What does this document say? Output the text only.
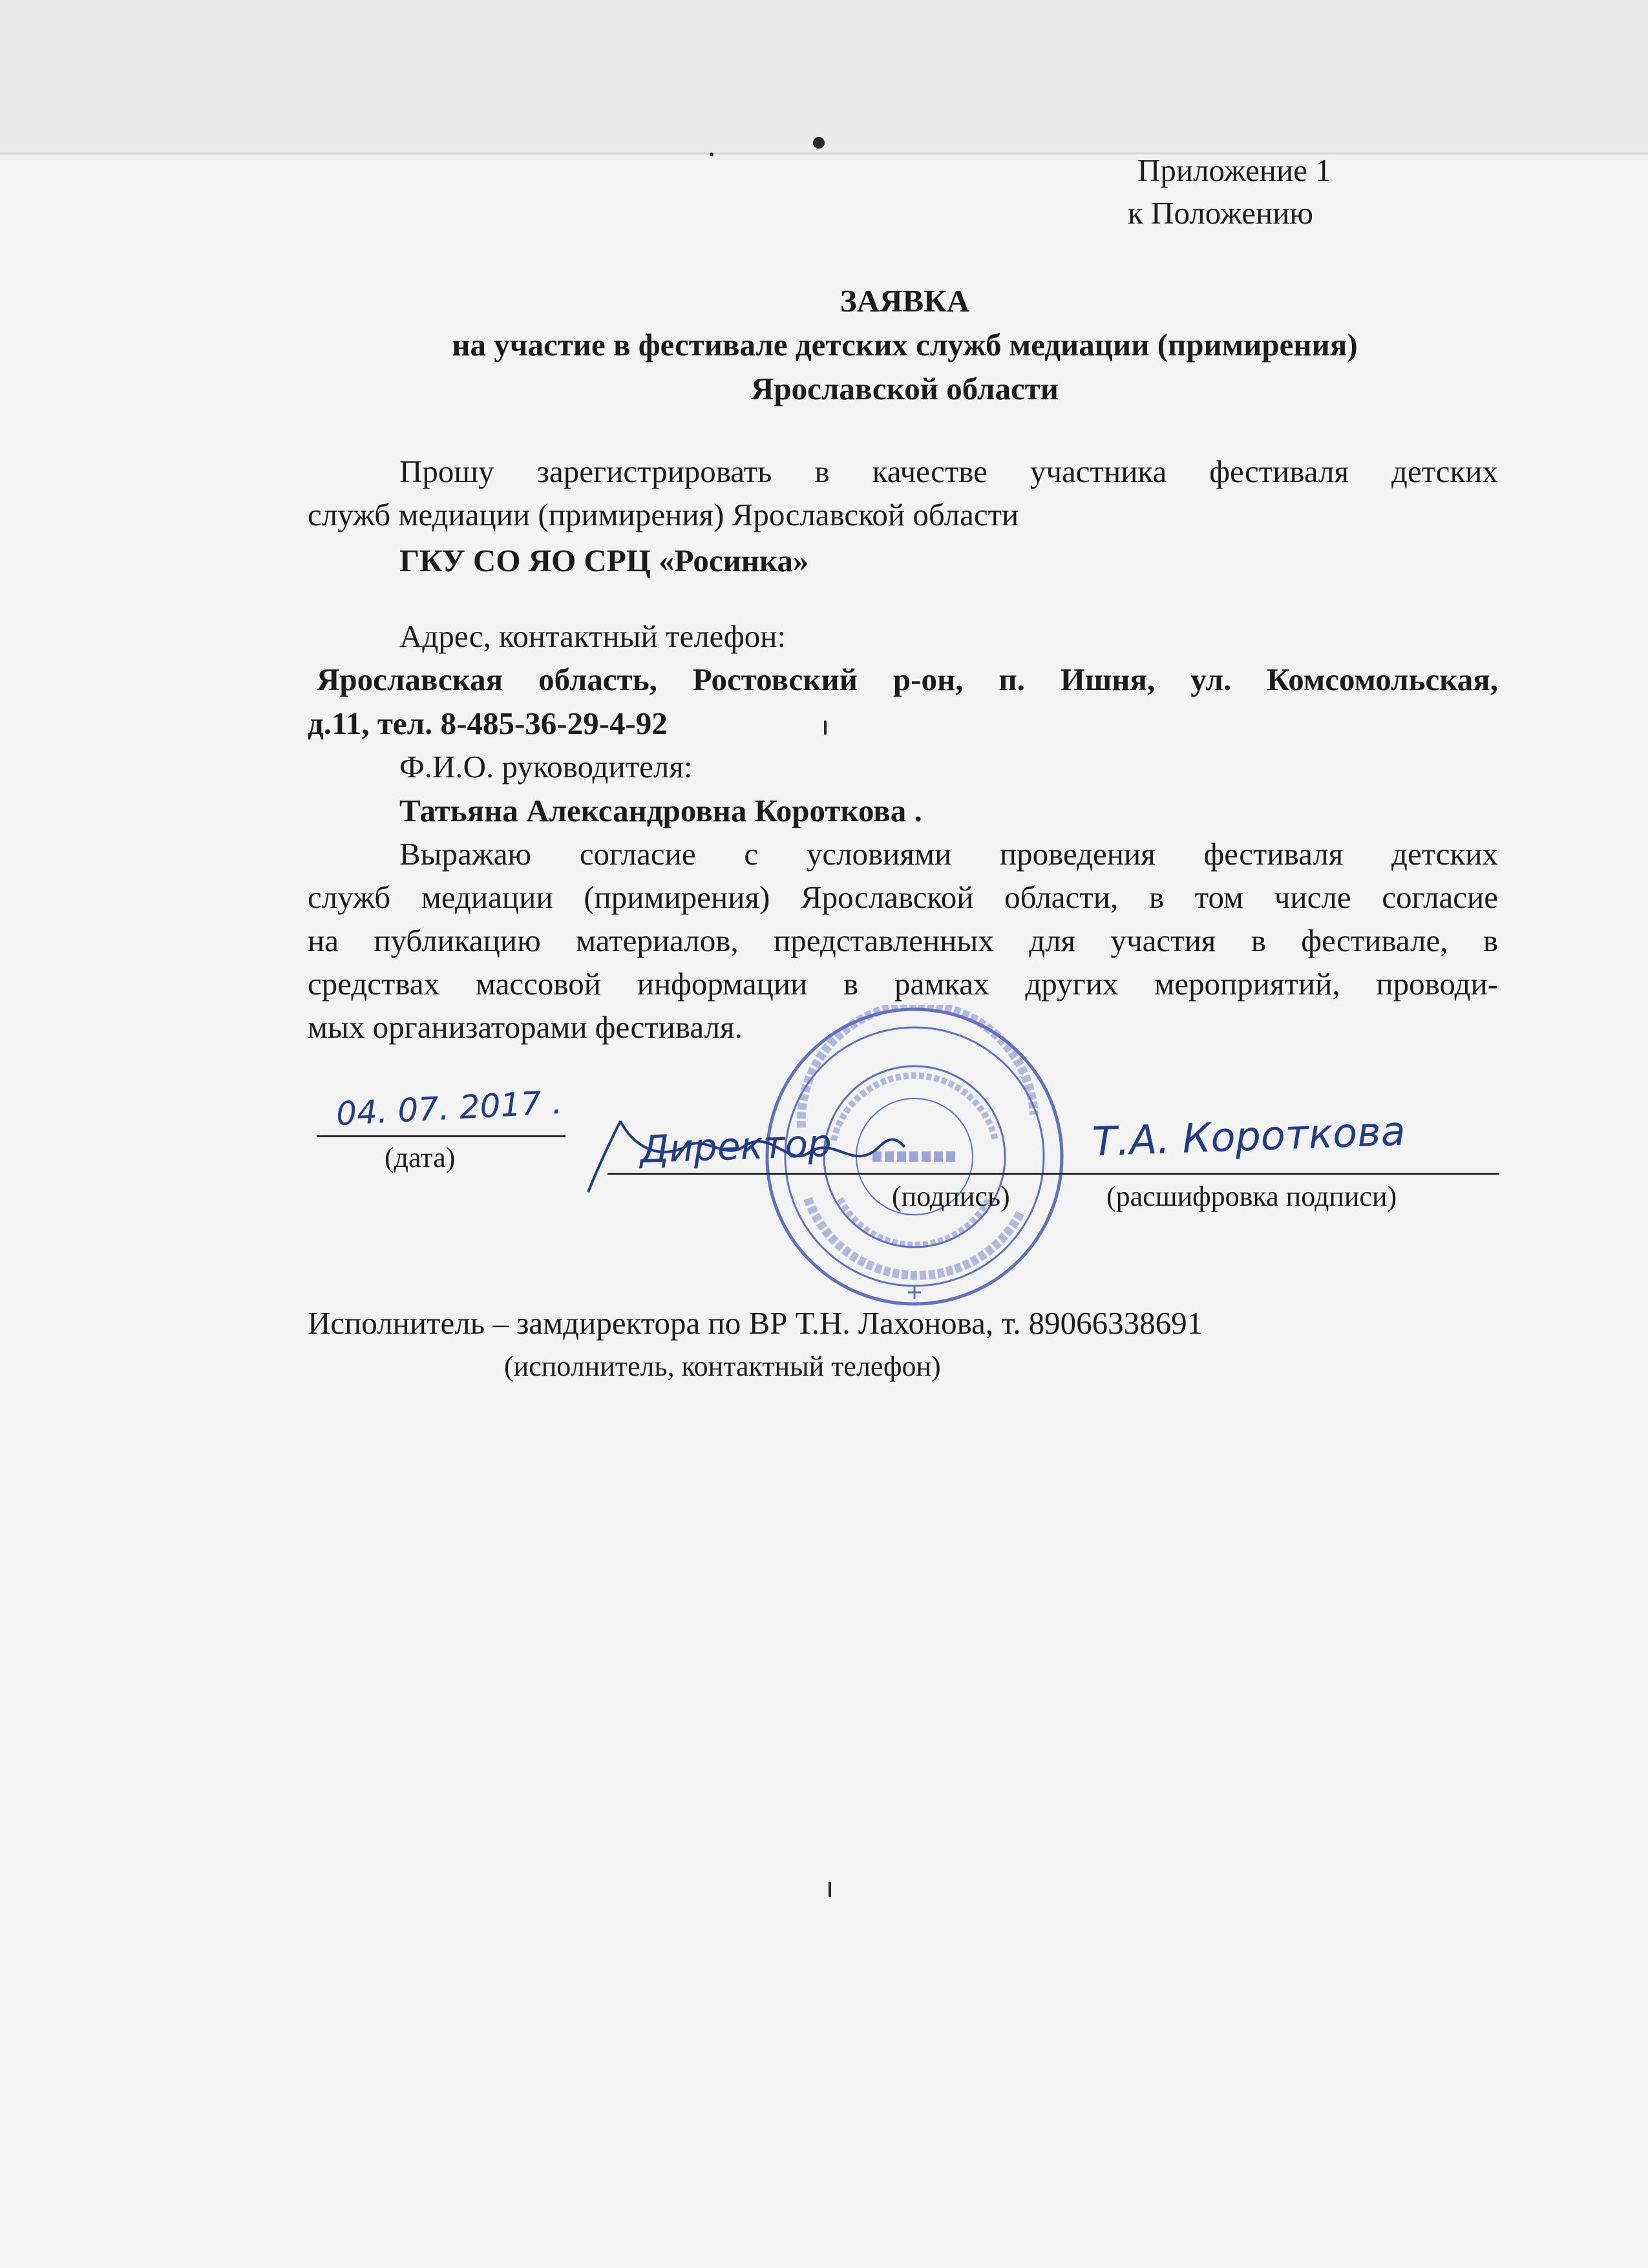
Приложение 1
к Положению
ЗАЯВКА
на участие в фестивале детских служб медиации (примирения)
Ярославской области
Прошу зарегистрировать в качестве участника фестиваля детских
служб медиации (примирения) Ярославской области
ГКУ СО ЯО СРЦ «Росинка»
Адрес, контактный телефон:
Ярославская область, Ростовский р-он, п. Ишня, ул. Комсомольская,
д.11, тел. 8-485-36-29-4-92
Ф.И.О. руководителя:
Татьяна Александровна Короткова .
Выражаю согласие с условиями проведения фестиваля детских
служб медиации (примирения) Ярославской области, в том числе согласие
на публикацию материалов, представленных для участия в фестивале, в
средствах массовой информации в рамках других мероприятий, проводи-
мых организаторами фестиваля.
04. 07. 2017 .
(дата)	Директор	Т.А. Короткова
(подпись)	(расшифровка подписи)
Исполнитель – замдиректора по ВР Т.Н. Лахонова, т. 89066338691
(исполнитель, контактный телефон)
